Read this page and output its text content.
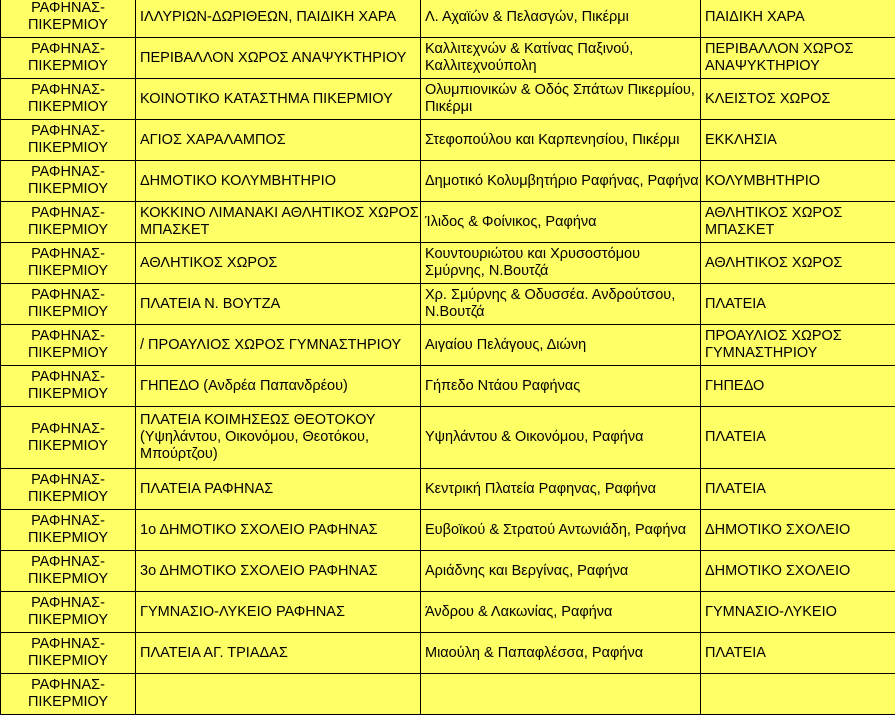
ΡΑΦΗΝΑΣ-ΠΙΚΕΡΜΙΟΥ	ΙΛΛΥΡΙΩΝ-ΔΩΡΙΘΕΩΝ, ΠΑΙΔΙΚΗ ΧΑΡΑ	Λ. Αχαϊών & Πελασγών, Πικέρμι	ΠΑΙΔΙΚΗ ΧΑΡΑ
ΡΑΦΗΝΑΣ-ΠΙΚΕΡΜΙΟΥ	ΠΕΡΙΒΑΛΛΟΝ ΧΩΡΟΣ ΑΝΑΨΥΚΤΗΡΙΟΥ	Καλλιτεχνών & Κατίνας Παξινού, Καλλιτεχνούπολη	ΠΕΡΙΒΑΛΛΟΝ ΧΩΡΟΣ ΑΝΑΨΥΚΤΗΡΙΟΥ
ΡΑΦΗΝΑΣ-ΠΙΚΕΡΜΙΟΥ	ΚΟΙΝΟΤΙΚΟ ΚΑΤΑΣΤΗΜΑ ΠΙΚΕΡΜΙΟΥ	Ολυμπιονικών & Οδός Σπάτων Πικερμίου, Πικέρμι	ΚΛΕΙΣΤΟΣ ΧΩΡΟΣ
ΡΑΦΗΝΑΣ-ΠΙΚΕΡΜΙΟΥ	ΑΓΙΟΣ ΧΑΡΑΛΑΜΠΟΣ	Στεφοπούλου και Καρπενησίου, Πικέρμι	ΕΚΚΛΗΣΙΑ
ΡΑΦΗΝΑΣ-ΠΙΚΕΡΜΙΟΥ	ΔΗΜΟΤΙΚΟ ΚΟΛΥΜΒΗΤΗΡΙΟ	Δημοτικό Κολυμβητήριο Ραφήνας, Ραφήνα	ΚΟΛΥΜΒΗΤΗΡΙΟ
ΡΑΦΗΝΑΣ-ΠΙΚΕΡΜΙΟΥ	ΚΟΚΚΙΝΟ ΛΙΜΑΝΑΚΙ ΑΘΛΗΤΙΚΟΣ ΧΩΡΟΣ ΜΠΑΣΚΕΤ	Ίλιδος & Φοίνικος, Ραφήνα	ΑΘΛΗΤΙΚΟΣ ΧΩΡΟΣ ΜΠΑΣΚΕΤ
ΡΑΦΗΝΑΣ-ΠΙΚΕΡΜΙΟΥ	ΑΘΛΗΤΙΚΟΣ ΧΩΡΟΣ	Κουντουριώτου και Χρυσοστόμου Σμύρνης, Ν.Βουτζά	ΑΘΛΗΤΙΚΟΣ ΧΩΡΟΣ
ΡΑΦΗΝΑΣ-ΠΙΚΕΡΜΙΟΥ	ΠΛΑΤΕΙΑ Ν. ΒΟΥΤΖΑ	Χρ. Σμύρνης & Οδυσσέα. Ανδρούτσου, Ν.Βουτζά	ΠΛΑΤΕΙΑ
ΡΑΦΗΝΑΣ-ΠΙΚΕΡΜΙΟΥ	/ ΠΡΟΑΥΛΙΟΣ ΧΩΡΟΣ ΓΥΜΝΑΣΤΗΡΙΟΥ	Αιγαίου Πελάγους, Διώνη	ΠΡΟΑΥΛΙΟΣ ΧΩΡΟΣ ΓΥΜΝΑΣΤΗΡΙΟΥ
ΡΑΦΗΝΑΣ-ΠΙΚΕΡΜΙΟΥ	ΓΗΠΕΔΟ (Ανδρέα Παπανδρέου)	Γήπεδο Ντάου Ραφήνας	ΓΗΠΕΔΟ
ΡΑΦΗΝΑΣ-ΠΙΚΕΡΜΙΟΥ	ΠΛΑΤΕΙΑ ΚΟΙΜΗΣΕΩΣ ΘΕΟΤΟΚΟΥ (Υψηλάντου, Οικονόμου, Θεοτόκου, Μπούρτζου)	Υψηλάντου & Οικονόμου, Ραφήνα	ΠΛΑΤΕΙΑ
ΡΑΦΗΝΑΣ-ΠΙΚΕΡΜΙΟΥ	ΠΛΑΤΕΙΑ ΡΑΦΗΝΑΣ	Κεντρική Πλατεία Ραφηνας, Ραφήνα	ΠΛΑΤΕΙΑ
ΡΑΦΗΝΑΣ-ΠΙΚΕΡΜΙΟΥ	1ο ΔΗΜΟΤΙΚΟ ΣΧΟΛΕΙΟ ΡΑΦΗΝΑΣ	Ευβοϊκού & Στρατού Αντωνιάδη, Ραφήνα	ΔΗΜΟΤΙΚΟ ΣΧΟΛΕΙΟ
ΡΑΦΗΝΑΣ-ΠΙΚΕΡΜΙΟΥ	3ο ΔΗΜΟΤΙΚΟ ΣΧΟΛΕΙΟ ΡΑΦΗΝΑΣ	Αριάδνης και Βεργίνας, Ραφήνα	ΔΗΜΟΤΙΚΟ ΣΧΟΛΕΙΟ
ΡΑΦΗΝΑΣ-ΠΙΚΕΡΜΙΟΥ	ΓΥΜΝΑΣΙΟ-ΛΥΚΕΙΟ ΡΑΦΗΝΑΣ	Άνδρου & Λακωνίας, Ραφήνα	ΓΥΜΝΑΣΙΟ-ΛΥΚΕΙΟ
ΡΑΦΗΝΑΣ-ΠΙΚΕΡΜΙΟΥ	ΠΛΑΤΕΙΑ ΑΓ. ΤΡΙΑΔΑΣ	Μιαούλη & Παπαφλέσσα, Ραφήνα	ΠΛΑΤΕΙΑ
ΡΑΦΗΝΑΣ-ΠΙΚΕΡΜΙΟΥ			
